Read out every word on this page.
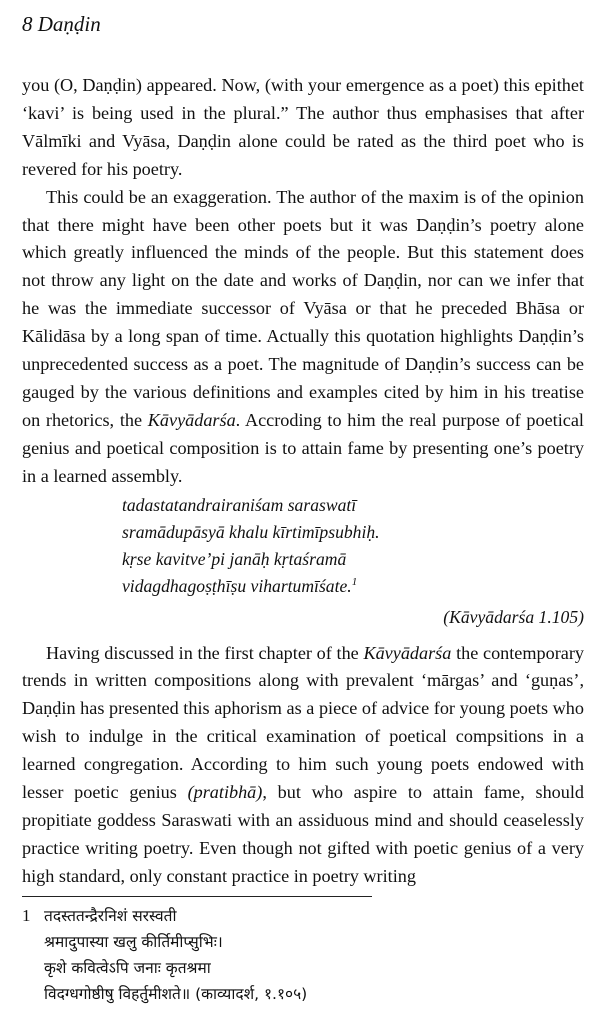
8 Daṇḍin

you (O, Daṇḍin) appeared. Now, (with your emergence as a poet) this epithet ‘kavi’ is being used in the plural.” The author thus emphasises that after Vālmīki and Vyāsa, Daṇḍin alone could be rated as the third poet who is revered for his poetry.

This could be an exaggeration. The author of the maxim is of the opinion that there might have been other poets but it was Daṇḍin’s poetry alone which greatly influenced the minds of the people. But this statement does not throw any light on the date and works of Daṇḍin, nor can we infer that he was the immediate successor of Vyāsa or that he preceded Bhāsa or Kālidāsa by a long span of time. Actually this quotation highlights Daṇḍin’s unprecedented success as a poet. The magnitude of Daṇḍin’s success can be gauged by the various definitions and examples cited by him in his treatise on rhetorics, the Kāvyādarśa. Accroding to him the real purpose of poetical genius and poetical composition is to attain fame by presenting one’s poetry in a learned assembly.

tadastatandrairaniśam saraswatī
sramādupāsyā khalu kīrtimīpsubhiḥ.
kṛse kavitve’pi janāḥ kṛtaśramā
vidagdhagoṣṭhīṣu vihartumīśate.$^1$
(Kāvyādarśa 1.105)

Having discussed in the first chapter of the Kāvyādarśa the contemporary trends in written compositions along with prevalent ‘mārgas’ and ‘guṇas’, Daṇḍin has presented this aphorism as a piece of advice for young poets who wish to indulge in the critical examination of poetical compsitions in a learned congregation. According to him such young poets endowed with lesser poetic genius (pratibhā), but who aspire to attain fame, should propitiate goddess Saraswati with an assiduous mind and should ceaselessly practice writing poetry. Even though not gifted with poetic genius of a very high standard, only constant practice in poetry writing

1 तदस्ततन्द्रैरनिशं सरस्वती
श्रमादुपास्या खलु कीर्तिमीप्सुभिः।
कृशे कवित्वेऽपि जनाः कृतश्रमा
विदग्धगोष्ठीषु विहर्तुमीशते॥ (काव्यादर्श, १.१०५)
